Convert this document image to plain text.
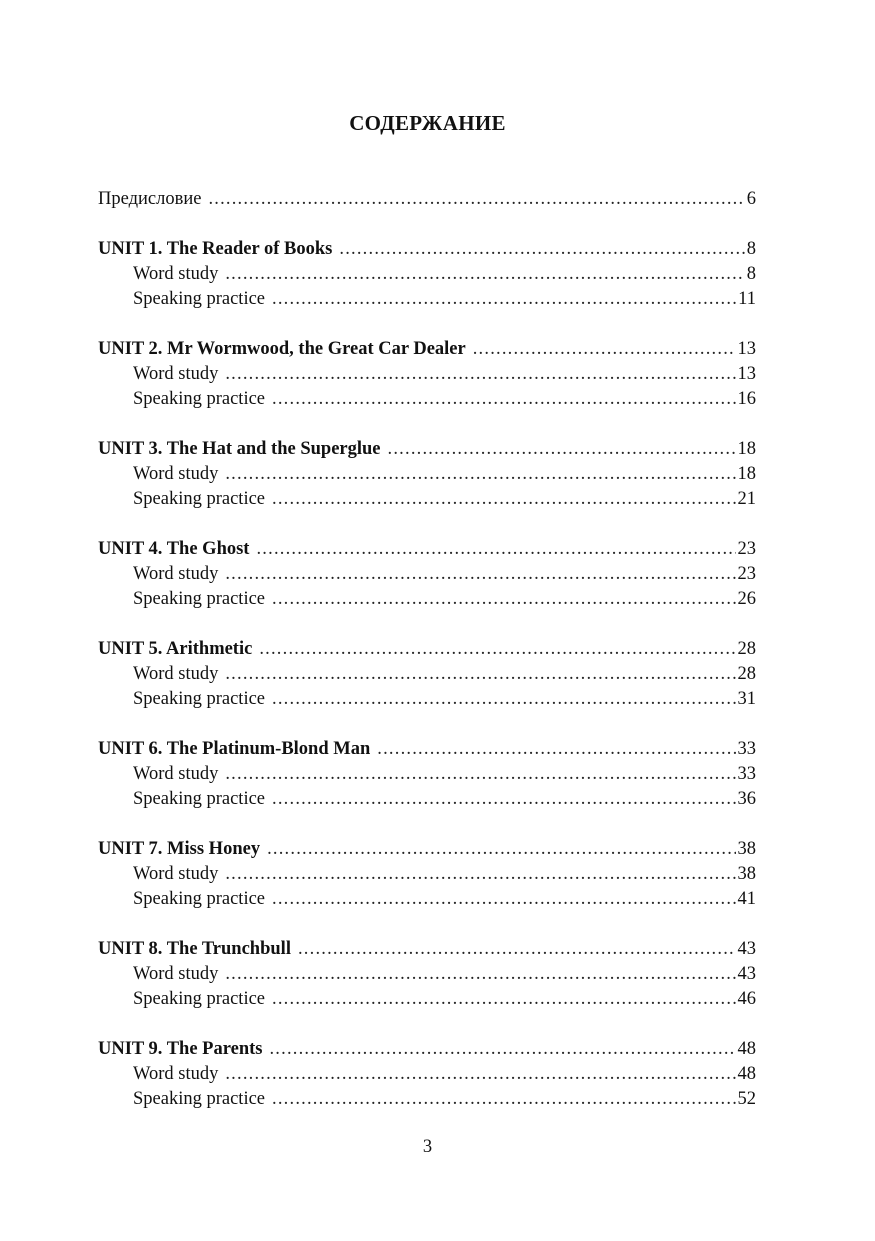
СОДЕРЖАНИЕ
Предисловие .....	6
UNIT 1. The Reader of Books .....	8
Word study .....	8
Speaking practice .....	11
UNIT 2. Mr Wormwood, the Great Car Dealer .....	13
Word study .....	13
Speaking practice .....	16
UNIT 3. The Hat and the Superglue .....	18
Word study .....	18
Speaking practice .....	21
UNIT 4. The Ghost .....	23
Word study .....	23
Speaking practice .....	26
UNIT 5. Arithmetic .....	28
Word study .....	28
Speaking practice .....	31
UNIT 6. The Platinum-Blond Man .....	33
Word study .....	33
Speaking practice .....	36
UNIT 7. Miss Honey .....	38
Word study .....	38
Speaking practice .....	41
UNIT 8. The Trunchbull .....	43
Word study .....	43
Speaking practice .....	46
UNIT 9. The Parents .....	48
Word study .....	48
Speaking practice .....	52
3
